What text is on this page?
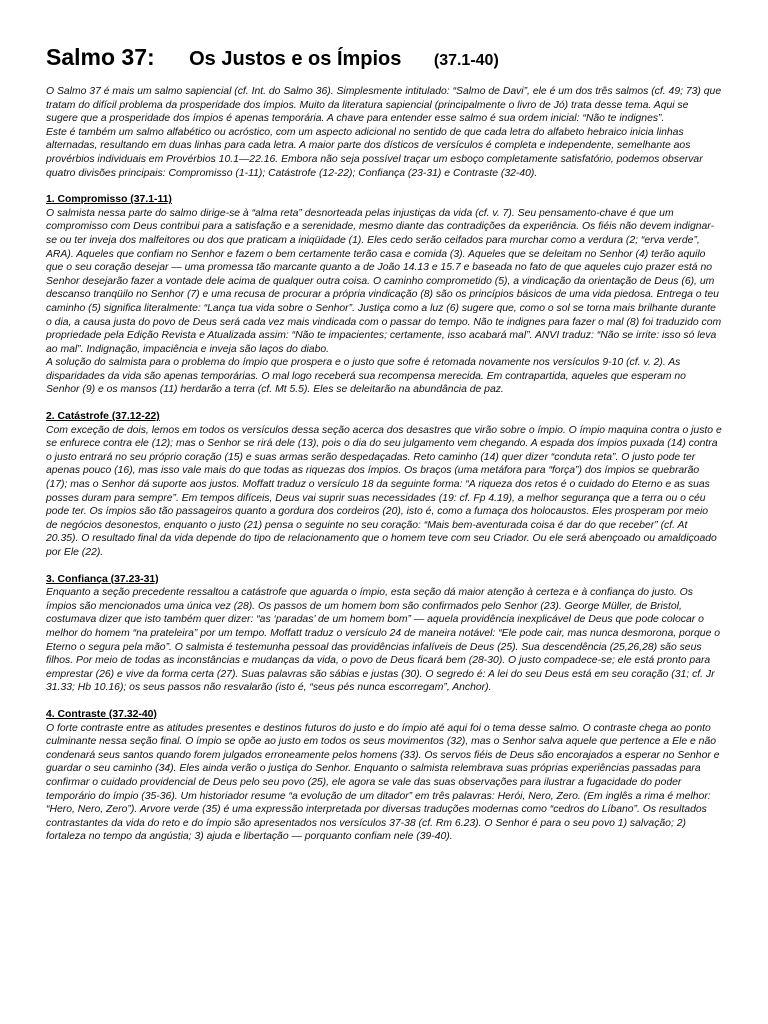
Salmo 37: Os Justos e os Ímpios (37.1-40)

O Salmo 37 é mais um salmo sapiencial (cf. Int. do Salmo 36). Simplesmente intitulado: “Salmo de Davi”, ele é um dos três salmos (cf. 49; 73) que tratam do difícil problema da prosperidade dos ímpios. Muito da literatura sapiencial (principalmente o livro de Jó) trata desse tema. Aqui se sugere que a prosperidade dos ímpios é apenas temporária. A chave para entender esse salmo é sua ordem inicial: “Não te indignes”.

Este é também um salmo alfabético ou acróstico, com um aspecto adicional no sentido de que cada letra do alfabeto hebraico inicia linhas alternadas, resultando em duas linhas para cada letra. A maior parte dos dísticos de versículos é completa e independente, semelhante aos provérbios individuais em Provérbios 10.1—22.16. Embora não seja possível traçar um esboço completamente satisfatório, podemos observar quatro divisões principais: Compromisso (1-11); Catástrofe (12-22); Confiança (23-31) e Contraste (32-40).

1. Compromisso (37.1-11)

O salmista nessa parte do salmo dirige-se à “alma reta” desnorteada pelas injustiças da vida (cf. v. 7). Seu pensamento-chave é que um compromisso com Deus contribui para a satisfação e a serenidade, mesmo diante das contradições da experiência. Os fiéis não devem indignar-se ou ter inveja dos malfeitores ou dos que praticam a iniqüidade (1). Eles cedo serão ceifados para murchar como a verdura (2; “erva verde”, ARA). Aqueles que confiam no Senhor e fazem o bem certamente terão casa e comida (3). Aqueles que se deleitam no Senhor (4) terão aquilo que o seu coração desejar — uma promessa tão marcante quanto a de João 14.13 e 15.7 e baseada no fato de que aqueles cujo prazer está no Senhor desejarão fazer a vontade dele acima de qualquer outra coisa. O caminho comprometido (5), a vindicação da orientação de Deus (6), um descanso tranqüilo no Senhor (7) e uma recusa de procurar a própria vindicação (8) são os princípios básicos de uma vida piedosa. Entrega o teu caminho (5) significa literalmente: “Lança tua vida sobre o Senhor”. Justiça como a luz (6) sugere que, como o sol se torna mais brilhante durante o dia, a causa justa do povo de Deus será cada vez mais vindicada com o passar do tempo. Não te indignes para fazer o mal (8) foi traduzido com propriedade pela Edição Revista e Atualizada assim: “Não te impacientes; certamente, isso acabará mal”. ANVI traduz: “Não se irrite: isso só leva ao mal”. Indignação, impaciência e inveja são laços do diabo.

A solução do salmista para o problema do ímpio que prospera e o justo que sofre é retomada novamente nos versículos 9-10 (cf. v. 2). As disparidades da vida são apenas temporárias. O mal logo receberá sua recompensa merecida. Em contrapartida, aqueles que esperam no Senhor (9) e os mansos (11) herdarão a terra (cf. Mt 5.5). Eles se deleitarão na abundância de paz.

2. Catástrofe (37.12-22)

Com exceção de dois, lemos em todos os versículos dessa seção acerca dos desastres que virão sobre o ímpio. O ímpio maquina contra o justo e se enfurece contra ele (12); mas o Senhor se rirá dele (13), pois o dia do seu julgamento vem chegando. A espada dos ímpios puxada (14) contra o justo entrará no seu próprio coração (15) e suas armas serão despedaçadas. Reto caminho (14) quer dizer “conduta reta”. O justo pode ter apenas pouco (16), mas isso vale mais do que todas as riquezas dos ímpios. Os braços (uma metáfora para “força”) dos ímpios se quebrarão (17); mas o Senhor dá suporte aos justos. Moffatt traduz o versículo 18 da seguinte forma: “A riqueza dos retos é o cuidado do Eterno e as suas posses duram para sempre”. Em tempos difíceis, Deus vai suprir suas necessidades (19: cf. Fp 4.19), a melhor segurança que a terra ou o céu pode ter. Os ímpios são tão passageiros quanto a gordura dos cordeiros (20), isto é, como a fumaça dos holocaustos. Eles prosperam por meio de negócios desonestos, enquanto o justo (21) pensa o seguinte no seu coração: “Mais bem-aventurada coisa é dar do que receber” (cf. At 20.35). O resultado final da vida depende do tipo de relacionamento que o homem teve com seu Criador. Ou ele será abençoado ou amaldiçoado por Ele (22).

3. Confiança (37.23-31)

Enquanto a seção precedente ressaltou a catástrofe que aguarda o ímpio, esta seção dá maior atenção à certeza e à confiança do justo. Os ímpios são mencionados uma única vez (28). Os passos de um homem bom são confirmados pelo Senhor (23). George Müller, de Bristol, costumava dizer que isto também quer dizer: “as ‘paradas’ de um homem bom” — aquela providência inexplicável de Deus que pode colocar o melhor do homem “na prateleira” por um tempo. Moffatt traduz o versículo 24 de maneira notável: “Ele pode cair, mas nunca desmorona, porque o Eterno o segura pela mão”. O salmista é testemunha pessoal das providências infalíveis de Deus (25). Sua descendência (25,26,28) são seus filhos. Por meio de todas as inconstâncias e mudanças da vida, o povo de Deus ficará bem (28-30). O justo compadece-se; ele está pronto para emprestar (26) e vive da forma certa (27). Suas palavras são sábias e justas (30). O segredo é: A lei do seu Deus está em seu coração (31; cf. Jr 31.33; Hb 10.16); os seus passos não resvalarão (isto é, “seus pés nunca escorregam”, Anchor).

4. Contraste (37.32-40)

O forte contraste entre as atitudes presentes e destinos futuros do justo e do ímpio até aqui foi o tema desse salmo. O contraste chega ao ponto culminante nessa seção final. O ímpio se opõe ao justo em todos os seus movimentos (32), mas o Senhor salva aquele que pertence a Ele e não condenará seus santos quando forem julgados erroneamente pelos homens (33). Os servos fiéis de Deus são encorajados a esperar no Senhor e guardar o seu caminho (34). Eles ainda verão o justiça do Senhor. Enquanto o salmista relembrava suas próprias experiências passadas para confirmar o cuidado providencial de Deus pelo seu povo (25), ele agora se vale das suas observações para ilustrar a fugacidade do poder temporário do ímpio (35-36). Um historiador resume “a evolução de um ditador” em três palavras: Herói, Nero, Zero. (Em inglês a rima é melhor: “Hero, Nero, Zero”). Arvore verde (35) é uma expressão interpretada por diversas traduções modernas como “cedros do Líbano”. Os resultados contrastantes da vida do reto e do ímpio são apresentados nos versículos 37-38 (cf. Rm 6.23). O Senhor é para o seu povo 1) salvação; 2) fortaleza no tempo da angústia; 3) ajuda e libertação — porquanto confiam nele (39-40).
